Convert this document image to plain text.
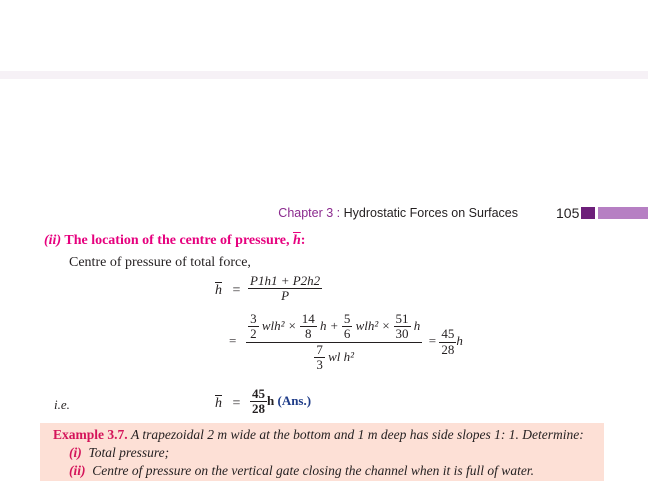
Chapter 3 : Hydrostatic Forces on Surfaces	105
(ii) The location of the centre of pressure, $\overline{h}$:
Centre of pressure of total force,
$\overline{h} = \frac{P1h1 + P2h2}{P}$
= $\frac{3}{2} wlh^2 \times \frac{14}{8}$ $h + \frac{5}{6} wlh^2 \times \frac{51}{30}$ h
$\frac{7}{3}$ wl h²
= $\frac{45}{28}$ h
i.e.	$\overline{h} = \frac{45}{28}$ h (Ans.)
Example 3.7. A trapezoidal 2 m wide at the bottom and 1 m deep has side slopes 1: 1. Determine:
(i) Total pressure;
(ii) Centre of pressure on the vertical gate closing the channel when it is full of water.
